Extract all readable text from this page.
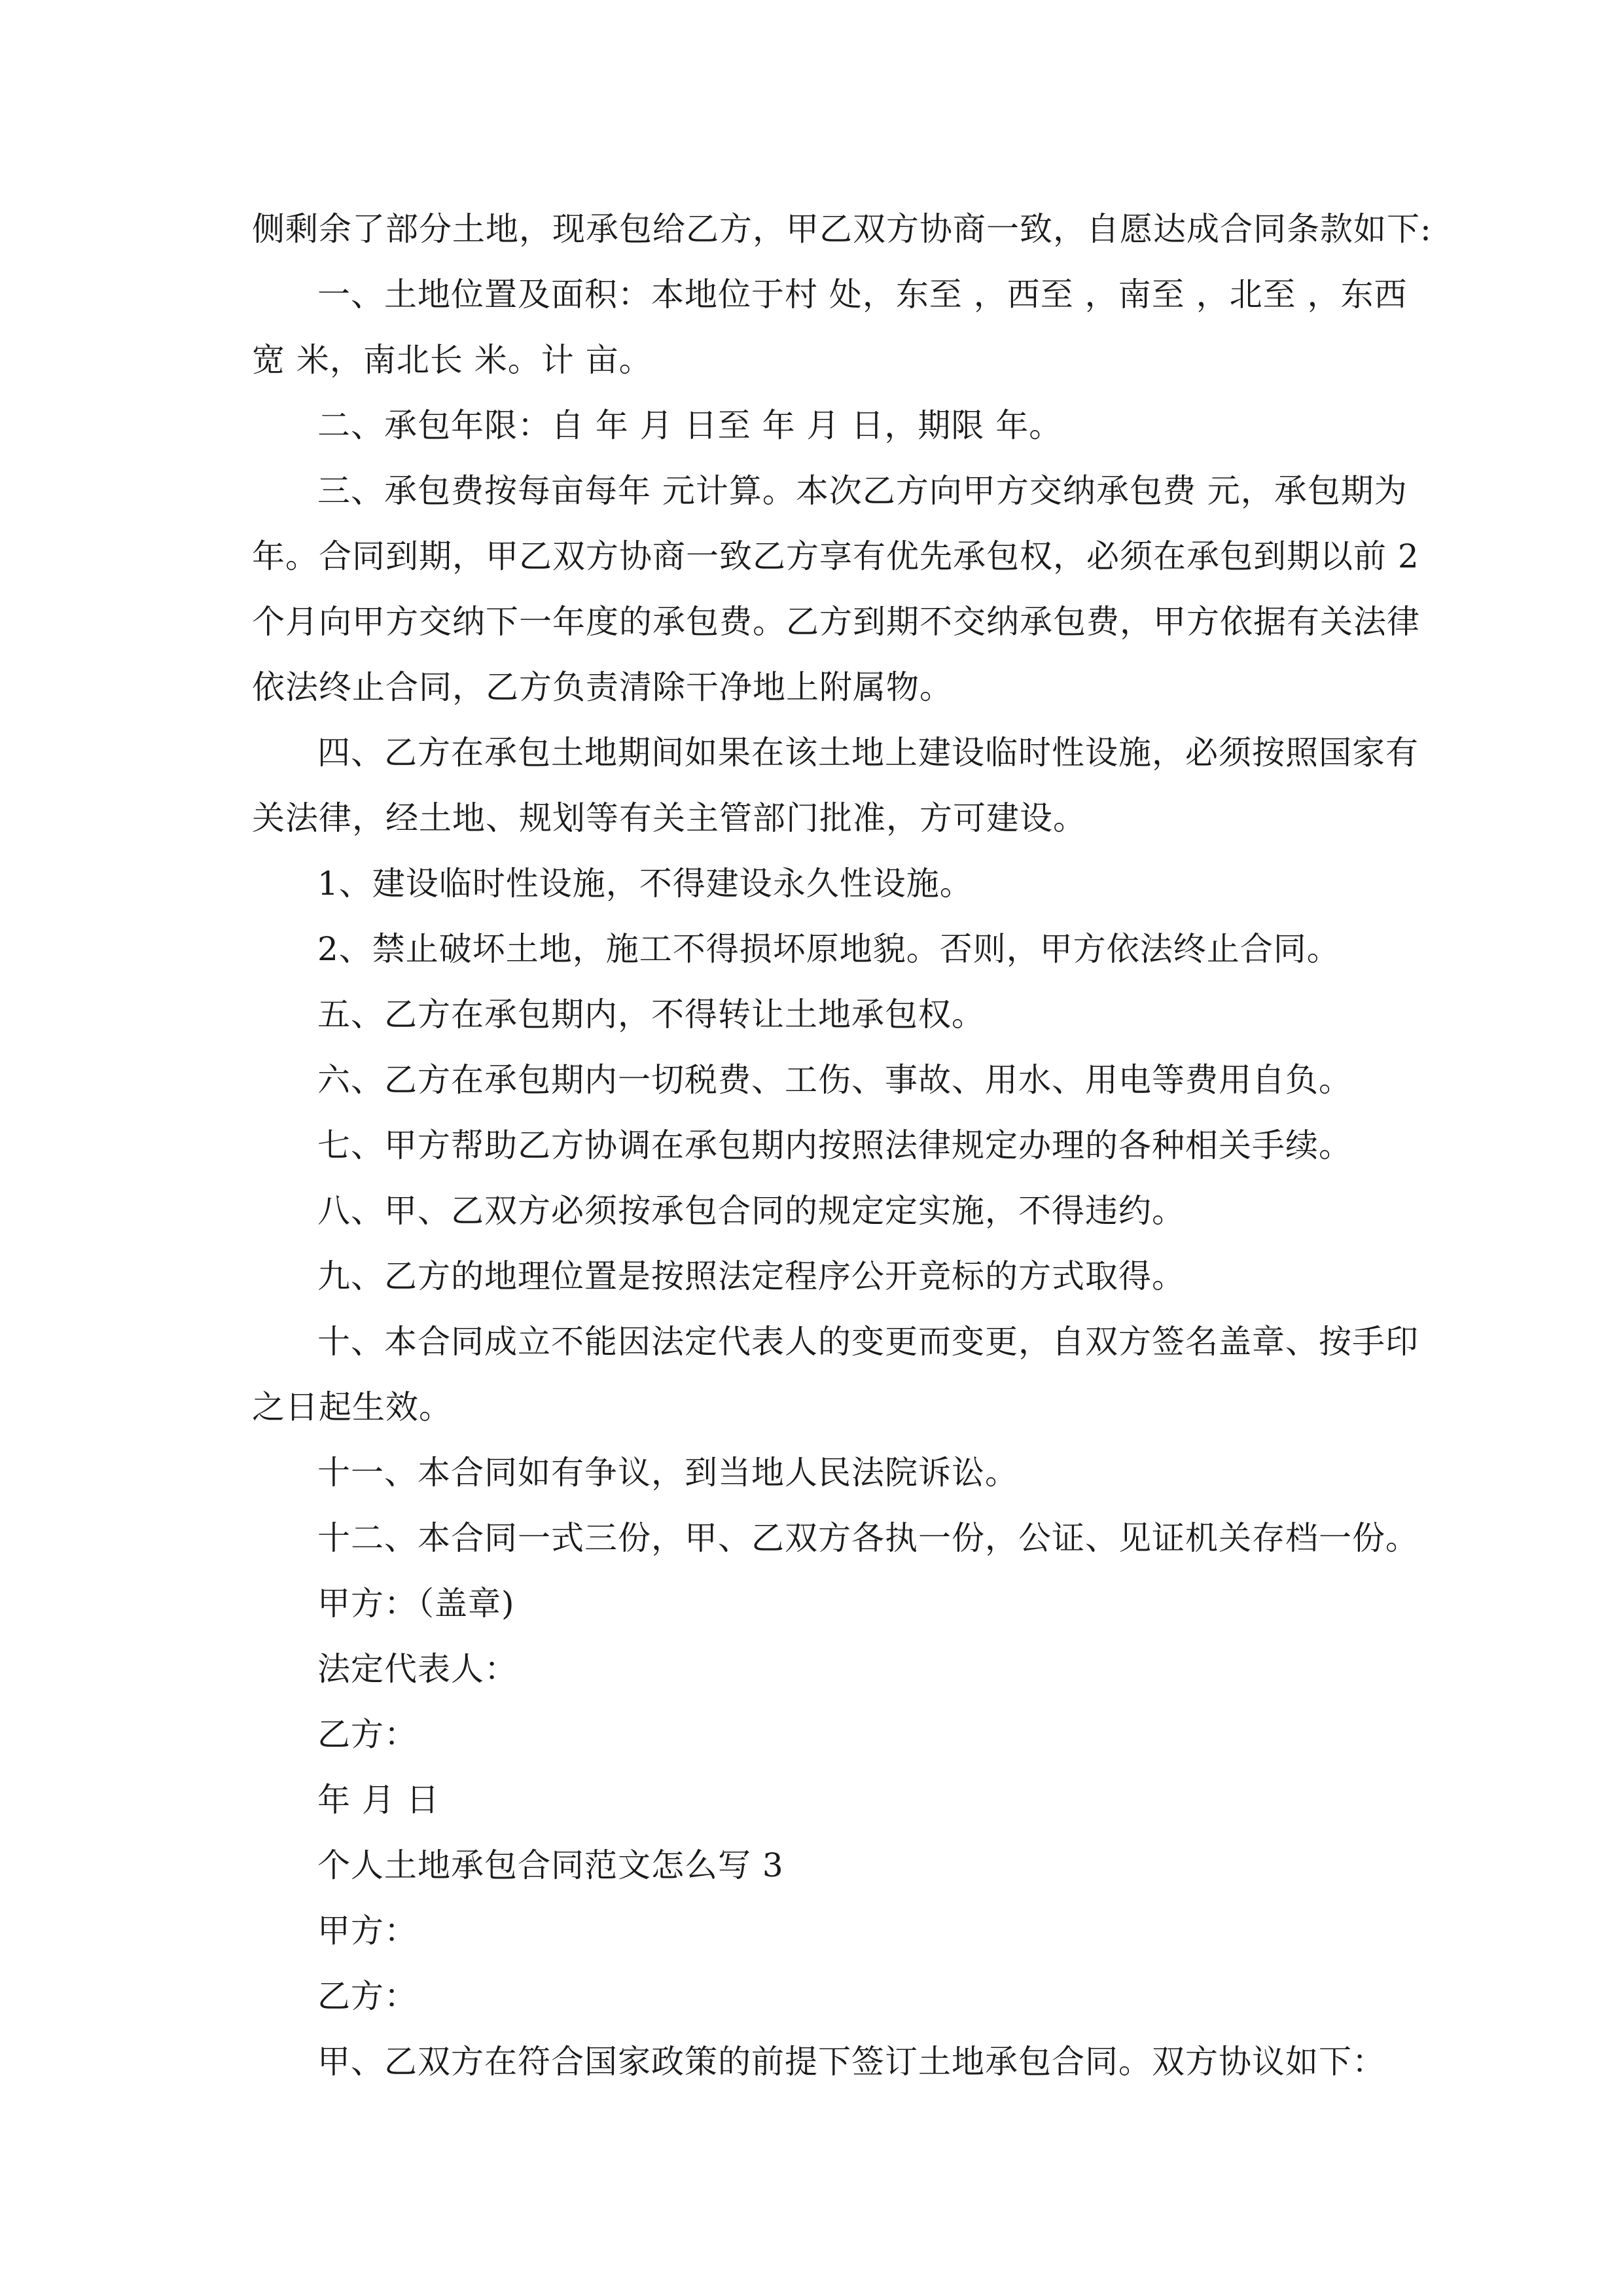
侧剩余了部分土地，现承包给乙方，甲乙双方协商一致，自愿达成合同条款如下:

一、土地位置及面积：本地位于村 处，东至 ，西至 ，南至 ，北至 ，东西

宽 米，南北长 米。计 亩。

二、承包年限：自 年 月 日至 年 月 日，期限 年。

三、承包费按每亩每年 元计算。本次乙方向甲方交纳承包费 元，承包期为

年。合同到期，甲乙双方协商一致乙方享有优先承包权，必须在承包到期以前 2

个月向甲方交纳下一年度的承包费。乙方到期不交纳承包费，甲方依据有关法律

依法终止合同，乙方负责清除干净地上附属物。

四、乙方在承包土地期间如果在该土地上建设临时性设施，必须按照国家有

关法律，经土地、规划等有关主管部门批准，方可建设。

1、建设临时性设施，不得建设永久性设施。

2、禁止破坏土地，施工不得损坏原地貌。否则，甲方依法终止合同。

五、乙方在承包期内，不得转让土地承包权。

六、乙方在承包期内一切税费、工伤、事故、用水、用电等费用自负。

七、甲方帮助乙方协调在承包期内按照法律规定办理的各种相关手续。

八、甲、乙双方必须按承包合同的规定定实施，不得违约。

九、乙方的地理位置是按照法定程序公开竞标的方式取得。

十、本合同成立不能因法定代表人的变更而变更，自双方签名盖章、按手印

之日起生效。

十一、本合同如有争议，到当地人民法院诉讼。

十二、本合同一式三份，甲、乙双方各执一份，公证、见证机关存档一份。

甲方：（盖章)

法定代表人：

乙方：

年 月 日

个人土地承包合同范文怎么写 3

甲方：

乙方：

甲、乙双方在符合国家政策的前提下签订土地承包合同。双方协议如下：
